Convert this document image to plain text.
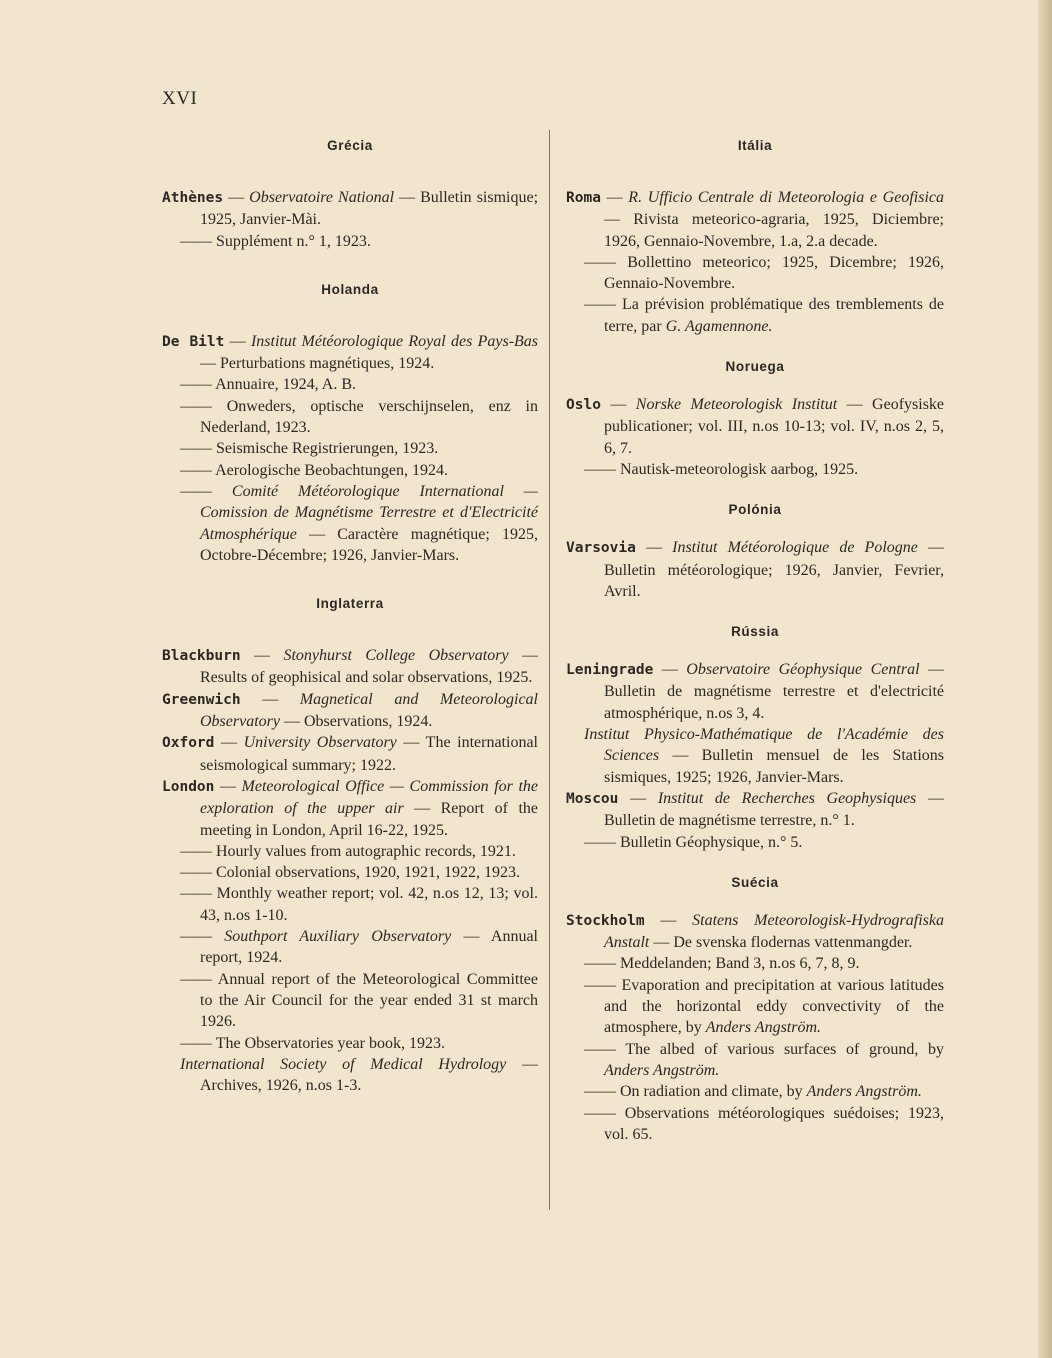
XVI
Grécia

Athènes — Observatoire National — Bulletin sismique; 1925, Janvier-Mài.

—— Supplément n.° 1, 1923.

Holanda

De Bilt — Institut Météorologique Royal des Pays-Bas — Perturbations magnétiques, 1924.

—— Annuaire, 1924, A. B.

—— Onweders, optische verschijnselen, enz in Nederland, 1923.

—— Seismische Registrierungen, 1923.

—— Aerologische Beobachtungen, 1924.

—— Comité Météorologique International — Comission de Magnétisme Terrestre et d'Electricité Atmosphérique — Caractère magnétique; 1925, Octobre-Décembre; 1926, Janvier-Mars.

Inglaterra

Blackburn — Stonyhurst College Observatory — Results of geophisical and solar observations, 1925.

Greenwich — Magnetical and Meteorological Observatory — Observations, 1924.

Oxford — University Observatory — The international seismological summary; 1922.

London — Meteorological Office — Commission for the exploration of the upper air — Report of the meeting in London, April 16-22, 1925.

—— Hourly values from autographic records, 1921.

—— Colonial observations, 1920, 1921, 1922, 1923.

—— Monthly weather report; vol. 42, n.os 12, 13; vol. 43, n.os 1-10.

—— Southport Auxiliary Observatory — Annual report, 1924.

—— Annual report of the Meteorological Committee to the Air Council for the year ended 31 st march 1926.

—— The Observatories year book, 1923.

International Society of Medical Hydrology — Archives, 1926, n.os 1-3.

Itália

Roma — R. Ufficio Centrale di Meteorologia e Geofisica — Rivista meteorico-agraria, 1925, Diciembre; 1926, Gennaio-Novembre, 1.a, 2.a decade.

—— Bollettino meteorico; 1925, Dicembre; 1926, Gennaio-Novembre.

—— La prévision problématique des tremblements de terre, par G. Agamennone.

Noruega

Oslo — Norske Meteorologisk Institut — Geofysiske publicationer; vol. III, n.os 10-13; vol. IV, n.os 2, 5, 6, 7.

—— Nautisk-meteorologisk aarbog, 1925.

Polónia

Varsovia — Institut Météorologique de Pologne — Bulletin météorologique; 1926, Janvier, Fevrier, Avril.

Rússia

Leningrade — Observatoire Géophysique Central — Bulletin de magnétisme terrestre et d'electricité atmosphérique, n.os 3, 4.

Institut Physico-Mathématique de l'Académie des Sciences — Bulletin mensuel de les Stations sismiques, 1925; 1926, Janvier-Mars.

Moscou — Institut de Recherches Geophysiques — Bulletin de magnétisme terrestre, n.° 1.

—— Bulletin Géophysique, n.° 5.

Suécia

Stockholm — Statens Meteorologisk-Hydrografiska Anstalt — De svenska flodernas vattenmangder.

—— Meddelanden; Band 3, n.os 6, 7, 8, 9.

—— Evaporation and precipitation at various latitudes and the horizontal eddy convectivity of the atmosphere, by Anders Angström.

—— The albed of various surfaces of ground, by Anders Angström.

—— On radiation and climate, by Anders Angström.

—— Observations météorologiques suédoises; 1923, vol. 65.
